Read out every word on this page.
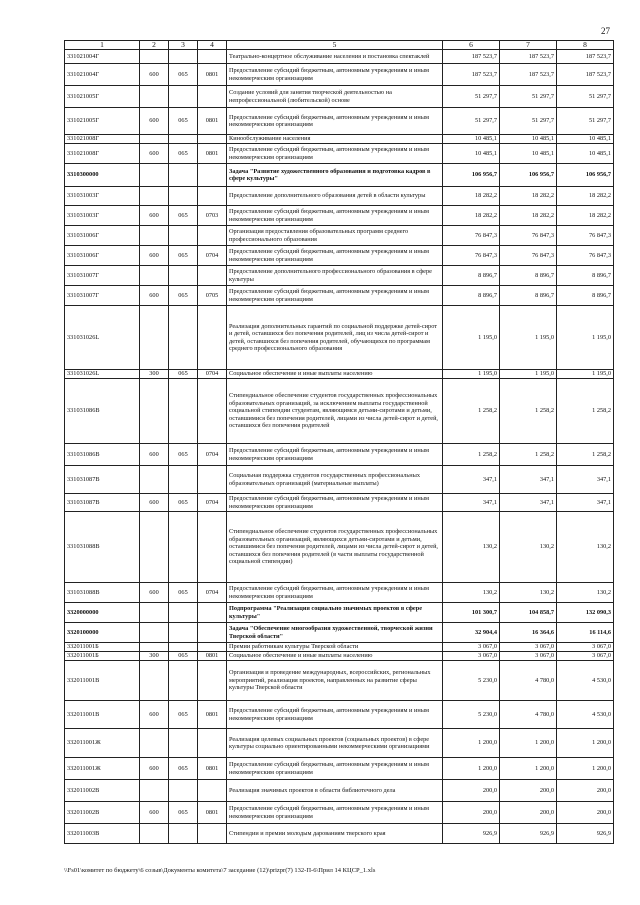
27
1	2	3	4	5	6	7	8
331021004Г				Театрально-концертное обслуживание населения и постановка спектаклей	187 523,7	187 523,7	187 523,7
331021004Г	600	065	0801	Предоставление субсидий бюджетным, автономным учреждениям и иным некоммерческим организациям	187 523,7	187 523,7	187 523,7
331021005Г				Создание условий для занятия творческой деятельностью на непрофессиональной (любительской) основе	51 297,7	51 297,7	51 297,7
331021005Г	600	065	0801	Предоставление субсидий бюджетным, автономным учреждениям и иным некоммерческим организациям	51 297,7	51 297,7	51 297,7
331021008Г				Кинообслуживание населения	10 485,1	10 485,1	10 485,1
331021008Г	600	065	0801	Предоставление субсидий бюджетным, автономным учреждениям и иным некоммерческим организациям	10 485,1	10 485,1	10 485,1
3310300000				Задача "Развитие художественного образования и подготовка кадров в сфере культуры"	106 956,7	106 956,7	106 956,7
331031003Г				Предоставление дополнительного образования детей в области культуры	18 282,2	18 282,2	18 282,2
331031003Г	600	065	0703	Предоставление субсидий бюджетным, автономным учреждениям и иным некоммерческим организациям	18 282,2	18 282,2	18 282,2
331031006Г				Организация предоставления образовательных программ среднего профессионального образования	76 847,3	76 847,3	76 847,3
331031006Г	600	065	0704	Предоставление субсидий бюджетным, автономным учреждениям и иным некоммерческим организациям	76 847,3	76 847,3	76 847,3
331031007Г				Предоставление дополнительного профессионального образования в сфере культуры	8 896,7	8 896,7	8 896,7
331031007Г	600	065	0705	Предоставление субсидий бюджетным, автономным учреждениям и иным некоммерческим организациям	8 896,7	8 896,7	8 896,7
331031026L				Реализация дополнительных гарантий по социальной поддержке детей-сирот и детей, оставшихся без попечения родителей, лиц из числа детей-сирот и детей, оставшихся без попечения родителей, обучающихся по программам среднего профессионального образования	1 195,0	1 195,0	1 195,0
331031026L	300	065	0704	Социальное обеспечение и иные выплаты населению	1 195,0	1 195,0	1 195,0
331031086В				Стипендиальное обеспечение студентов государственных профессиональных образовательных организаций, за исключением выплаты государственной социальной стипендии студентам, являющимся детьми-сиротами и детьми, оставшимися без попечения родителей, лицами из числа детей-сирот и детей, оставшихся без попечения родителей	1 258,2	1 258,2	1 258,2
331031086В	600	065	0704	Предоставление субсидий бюджетным, автономным учреждениям и иным некоммерческим организациям	1 258,2	1 258,2	1 258,2
331031087В				Социальная поддержка студентов государственных профессиональных образовательных организаций (материальные выплаты)	347,1	347,1	347,1
331031087В	600	065	0704	Предоставление субсидий бюджетным, автономным учреждениям и иным некоммерческим организациям	347,1	347,1	347,1
331031088В				Стипендиальное обеспечение студентов государственных профессиональных образовательных организаций, являющихся детьми-сиротами и детьми, оставшимися без попечения родителей, лицами из числа детей-сирот и детей, оставшихся без попечения родителей (в части выплаты государственной социальной стипендии)	130,2	130,2	130,2
331031088В	600	065	0704	Предоставление субсидий бюджетным, автономным учреждениям и иным некоммерческим организациям	130,2	130,2	130,2
3320000000				Подпрограмма "Реализация социально значимых проектов в сфере культуры"	101 300,7	104 858,7	132 090,3
3320100000				Задача "Обеспечение многообразия художественной, творческой жизни Тверской области"	32 904,4	16 364,6	16 114,6
332011001Б				Премии работникам культуры Тверской области	3 067,0	3 067,0	3 067,0
332011001Б	300	065	0801	Социальное обеспечение и иные выплаты населению	3 067,0	3 067,0	3 067,0
332011001В				Организация и проведение международных, всероссийских, региональных мероприятий, реализация проектов, направленных на развитие сферы культуры Тверской области	5 230,0	4 780,0	4 530,0
332011001В	600	065	0801	Предоставление субсидий бюджетным, автономным учреждениям и иным некоммерческим организациям	5 230,0	4 780,0	4 530,0
332011001Ж				Реализация целевых социальных проектов (социальных проектов) в сфере культуры социально ориентированными некоммерческими организациями	1 200,0	1 200,0	1 200,0
332011001Ж	600	065	0801	Предоставление субсидий бюджетным, автономным учреждениям и иным некоммерческим организациям	1 200,0	1 200,0	1 200,0
332011002В				Реализация значимых проектов в области библиотечного дела	200,0	200,0	200,0
332011002В	600	065	0801	Предоставление субсидий бюджетным, автономным учреждениям и иным некоммерческим организациям	200,0	200,0	200,0
332011003В				Стипендии и премии молодым дарованиям тверского края	926,9	926,9	926,9
\\Fs01\комитет по бюджету\6 созыв\Документы комитета\7 заседание (12)\prizpr(7) 132-П-6\Прил 14 КЦСР_1.xls
